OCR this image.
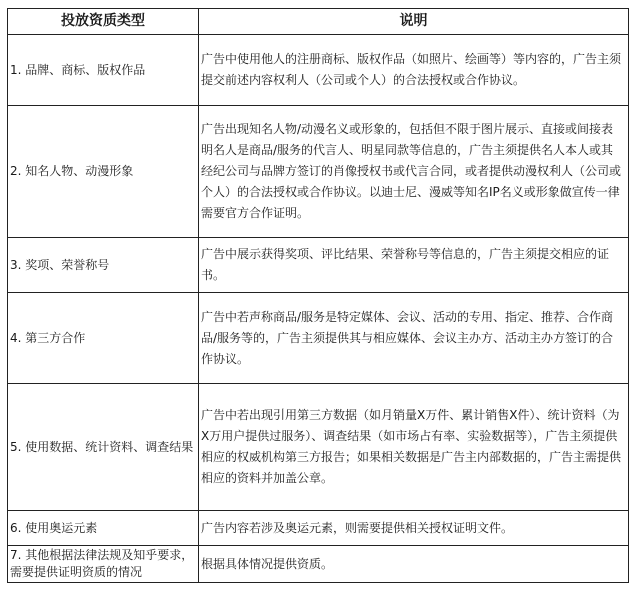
投放资质类型	说明
1. 品牌、商标、版权作品	广告中使用他人的注册商标、版权作品（如照片、绘画等）等内容的，广告主须提交前述内容权利人（公司或个人）的合法授权或合作协议。
2. 知名人物、动漫形象	广告出现知名人物/动漫名义或形象的，包括但不限于图片展示、直接或间接表明名人是商品/服务的代言人、明星同款等信息的，广告主须提供名人本人或其经纪公司与品牌方签订的肖像授权书或代言合同，或者提供动漫权利人（公司或个人）的合法授权或合作协议。以迪士尼、漫威等知名IP名义或形象做宣传一律需要官方合作证明。
3. 奖项、荣誉称号	广告中展示获得奖项、评比结果、荣誉称号等信息的，广告主须提交相应的证书。
4. 第三方合作	广告中若声称商品/服务是特定媒体、会议、活动的专用、指定、推荐、合作商品/服务等的，广告主须提供其与相应媒体、会议主办方、活动主办方签订的合作协议。
5. 使用数据、统计资料、调查结果	广告中若出现引用第三方数据（如月销量X万件、累计销售X件）、统计资料（为X万用户提供过服务）、调查结果（如市场占有率、实验数据等），广告主须提供相应的权威机构第三方报告；如果相关数据是广告主内部数据的，广告主需提供相应的资料并加盖公章。
6. 使用奥运元素	广告内容若涉及奥运元素，则需要提供相关授权证明文件。
7. 其他根据法律法规及知乎要求，需要提供证明资质的情况	根据具体情况提供资质。
